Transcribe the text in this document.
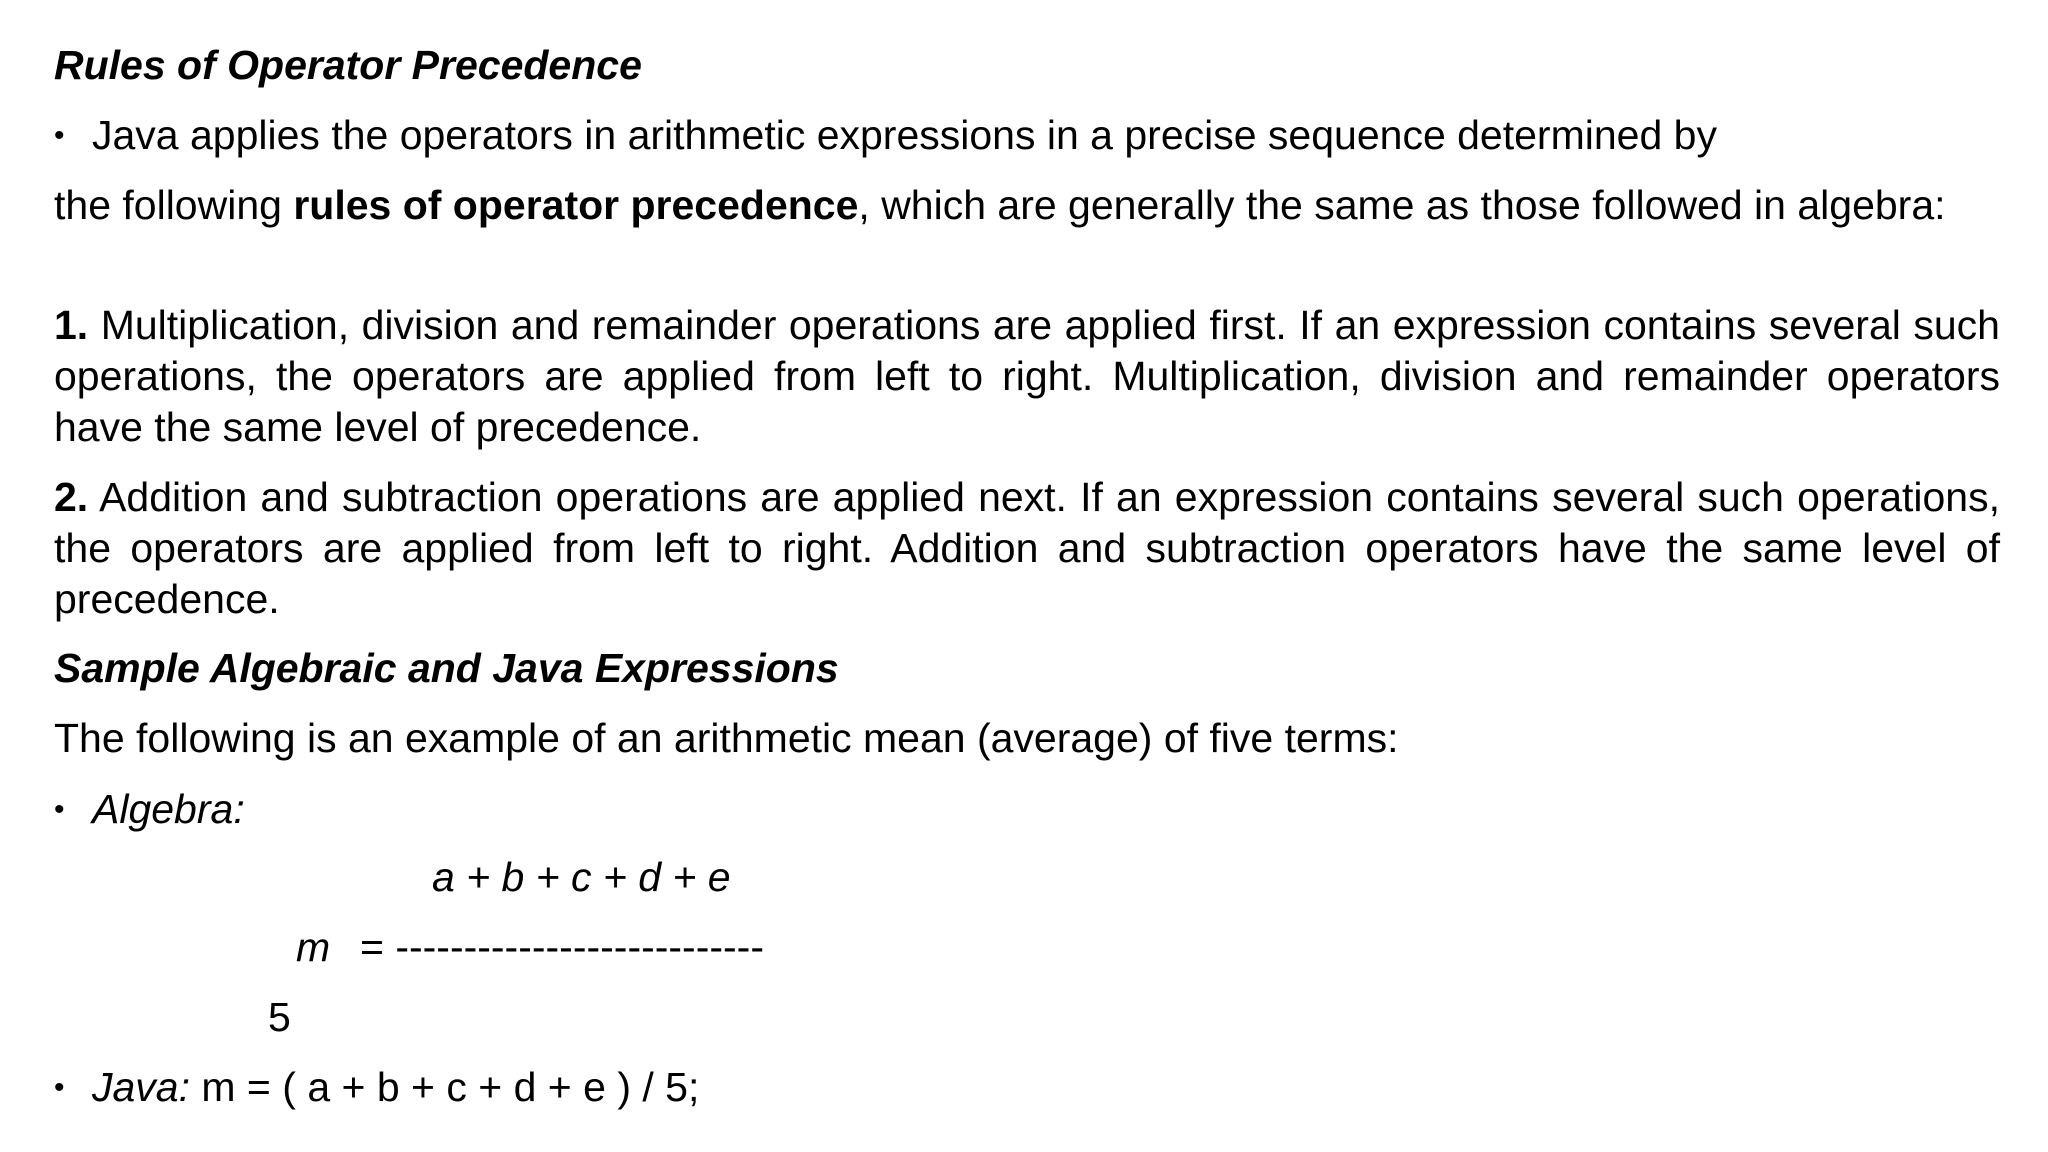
Rules of Operator Precedence
• Java applies the operators in arithmetic expressions in a precise sequence determined by
the following rules of operator precedence, which are generally the same as those followed in algebra:
1. Multiplication, division and remainder operations are applied first. If an expression contains several such operations, the operators are applied from left to right. Multiplication, division and remainder operators have the same level of precedence.
2. Addition and subtraction operations are applied next. If an expression contains several such operations, the operators are applied from left to right. Addition and subtraction operators have the same level of precedence.
Sample Algebraic and Java Expressions
The following is an example of an arithmetic mean (average) of five terms:
• Algebra:
a + b + c + d + e
m = ---------------------------
5
• Java: m = ( a + b + c + d + e ) / 5;
